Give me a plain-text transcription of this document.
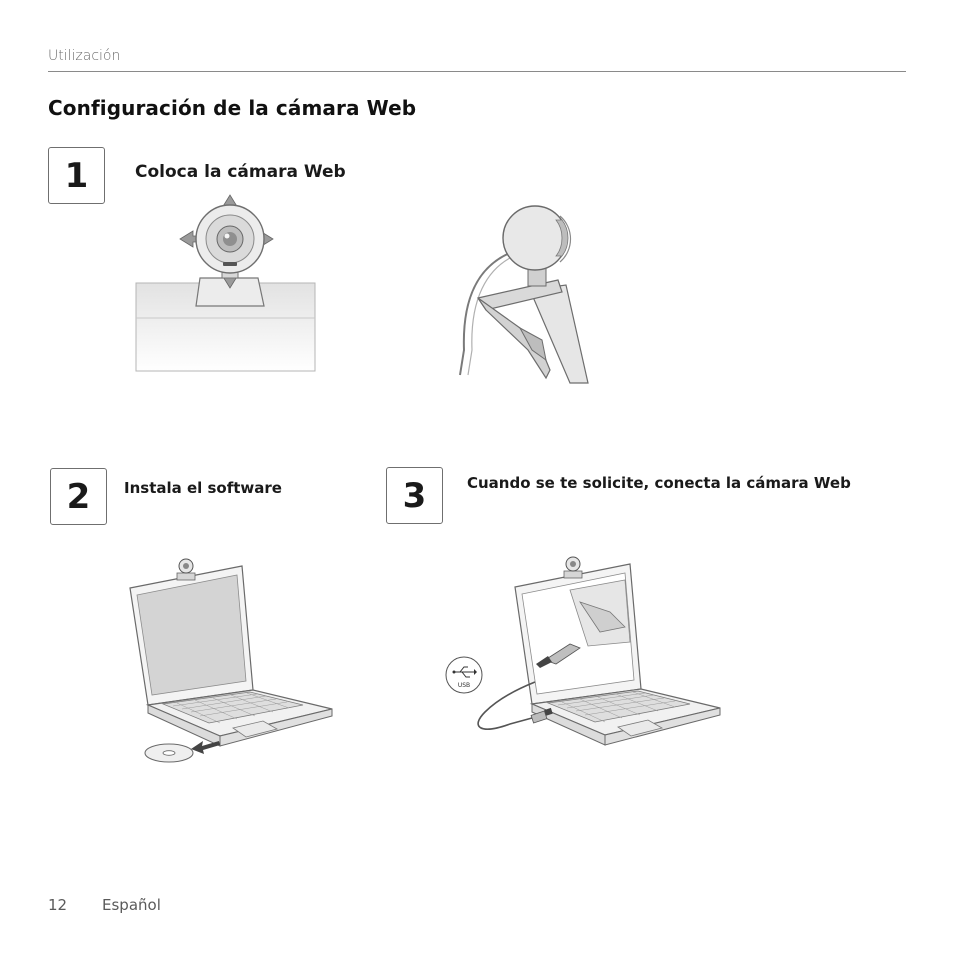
Utilización
Configuración de la cámara Web
1	Coloca la cámara Web
2	Instala el software	3	Cuando se te solicite, conecta la cámara Web
USB
12 Español
